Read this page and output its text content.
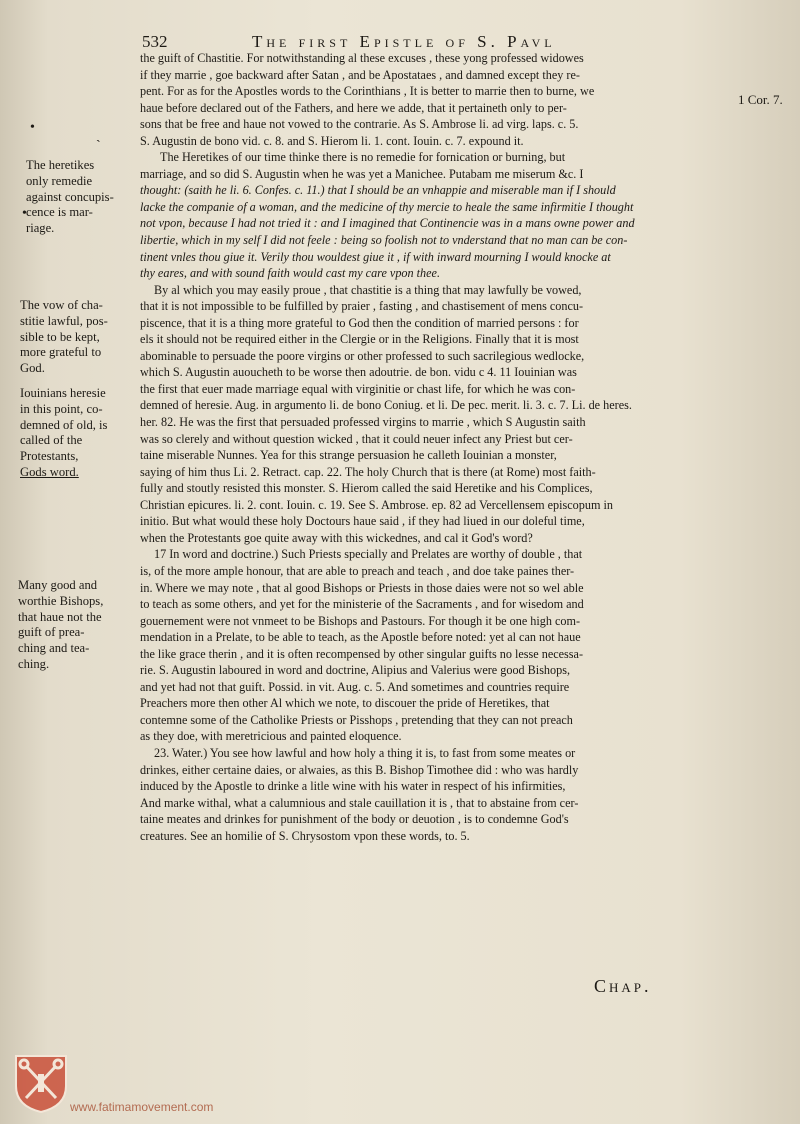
532	The first Epistle of S. Pavl
1 Cor. 7.

the guift of Chastitie. For notwithstanding al these excuses , these yong professed widowes
if they marrie , goe backward after Satan , and be Apostataes , and damned except they re-
pent. For as for the Apostles words to the Corinthians , It is better to marrie then to burne, we
haue before declared out of the Fathers, and here we adde, that it pertaineth only to per-
sons that be free and haue not vowed to the contrarie. As S. Ambrose li. ad virg. laps. c. 5.
S. Augustin de bono vid. c. 8. and S. Hierom li. 1. cont. Iouin. c. 7. expound it.

The Heretikes of our time thinke there is no remedie for fornication or burning, but
marriage, and so did S. Augustin when he was yet a Manichee. Putabam me miserum &c. I
thought: (saith he li. 6. Confes. c. 11.) that I should be an vnhappie and miserable man if I should
lacke the companie of a woman, and the medicine of thy mercie to heale the same infirmitie I thought
not vpon, because I had not tried it : and I imagined that Continencie was in a mans owne power and
libertie, which in my self I did not feele : being so foolish not to vnderstand that no man can be con-
tinent vnles thou giue it. Verily thou wouldest giue it , if with inward mourning I would knocke at
thy eares, and with sound faith would cast my care vpon thee.

By al which you may easily proue , that chastitie is a thing that may lawfully be vowed,
that it is not impossible to be fulfilled by praier , fasting , and chastisement of mens concu-
piscence, that it is a thing more grateful to God then the condition of married persons : for
els it should not be required either in the Clergie or in the Religions. Finally that it is most
abominable to persuade the poore virgins or other professed to such sacrilegious wedlocke,
which S. Augustin auoucheth to be worse then adoutrie. de bon. vidu c 4. 11 Iouinian was
the first that euer made marriage equal with virginitie or chast life, for which he was con-
demned of heresie. Aug. in argumento li. de bono Coniug. et li. De pec. merit. li. 3. c. 7. Li. de heres.
her. 82. He was the first that persuaded professed virgins to marrie , which S Augustin saith
was so clerely and without question wicked , that it could neuer infect any Priest but cer-
taine miserable Nunnes. Yea for this strange persuasion he calleth Iouinian a monster,
saying of him thus Li. 2. Retract. cap. 22. The holy Church that is there (at Rome) most faith-
fully and stoutly resisted this monster. S. Hierom called the said Heretike and his Complices,
Christian epicures. li. 2. cont. Iouin. c. 19. See S. Ambrose. ep. 82 ad Vercellensem episcopum in
initio. But what would these holy Doctours haue said , if they had liued in our doleful time,
when the Protestants goe quite away with this wickednes, and cal it God's word?

17 In word and doctrine.) Such Priests specially and Prelates are worthy of double , that
is, of the more ample honour, that are able to preach and teach , and doe take paines ther-
in. Where we may note , that al good Bishops or Priests in those daies were not so wel able
to teach as some others, and yet for the ministerie of the Sacraments , and for wisedom and
gouernement were not vnmeet to be Bishops and Pastours. For though it be one high com-
mendation in a Prelate, to be able to teach, as the Apostle before noted: yet al can not haue
the like grace therin , and it is often recompensed by other singular guifts no lesse necessa-
rie. S. Augustin laboured in word and doctrine, Alipius and Valerius were good Bishops,
and yet had not that guift. Possid. in vit. Aug. c. 5. And sometimes and countries require
Preachers more then other Al which we note, to discouer the pride of Heretikes, that
contemne some of the Catholike Priests or Pisshops , pretending that they can not preach
as they doe, with meretricious and painted eloquence.

23. Water.) You see how lawful and how holy a thing it is, to fast from some meates or
drinkes, either certaine daies, or alwaies, as this B. Bishop Timothee did : who was hardly
induced by the Apostle to drinke a litle wine with his water in respect of his infirmities,
And marke withal, what a calumnious and stale cauillation it is , that to abstaine from cer-
taine meates and drinkes for punishment of the body or deuotion , is to condemne God's
creatures. See an homilie of S. Chrysostom vpon these words, to. 5.

The heretikes
only remedie
against concupis-
cence is mar-
riage.
The vow of cha-
stitie lawful, pos-
sible to be kept,
more grateful to
God.
Iouinians heresie
in this point, co-
demned of old, is
called of the
Protestants,
Gods word.
Many good and
worthie Bishops,
that haue not the
guift of prea-
ching and tea-
ching.
•
ˏ
•
Chap.
www.fatimamovement.com
